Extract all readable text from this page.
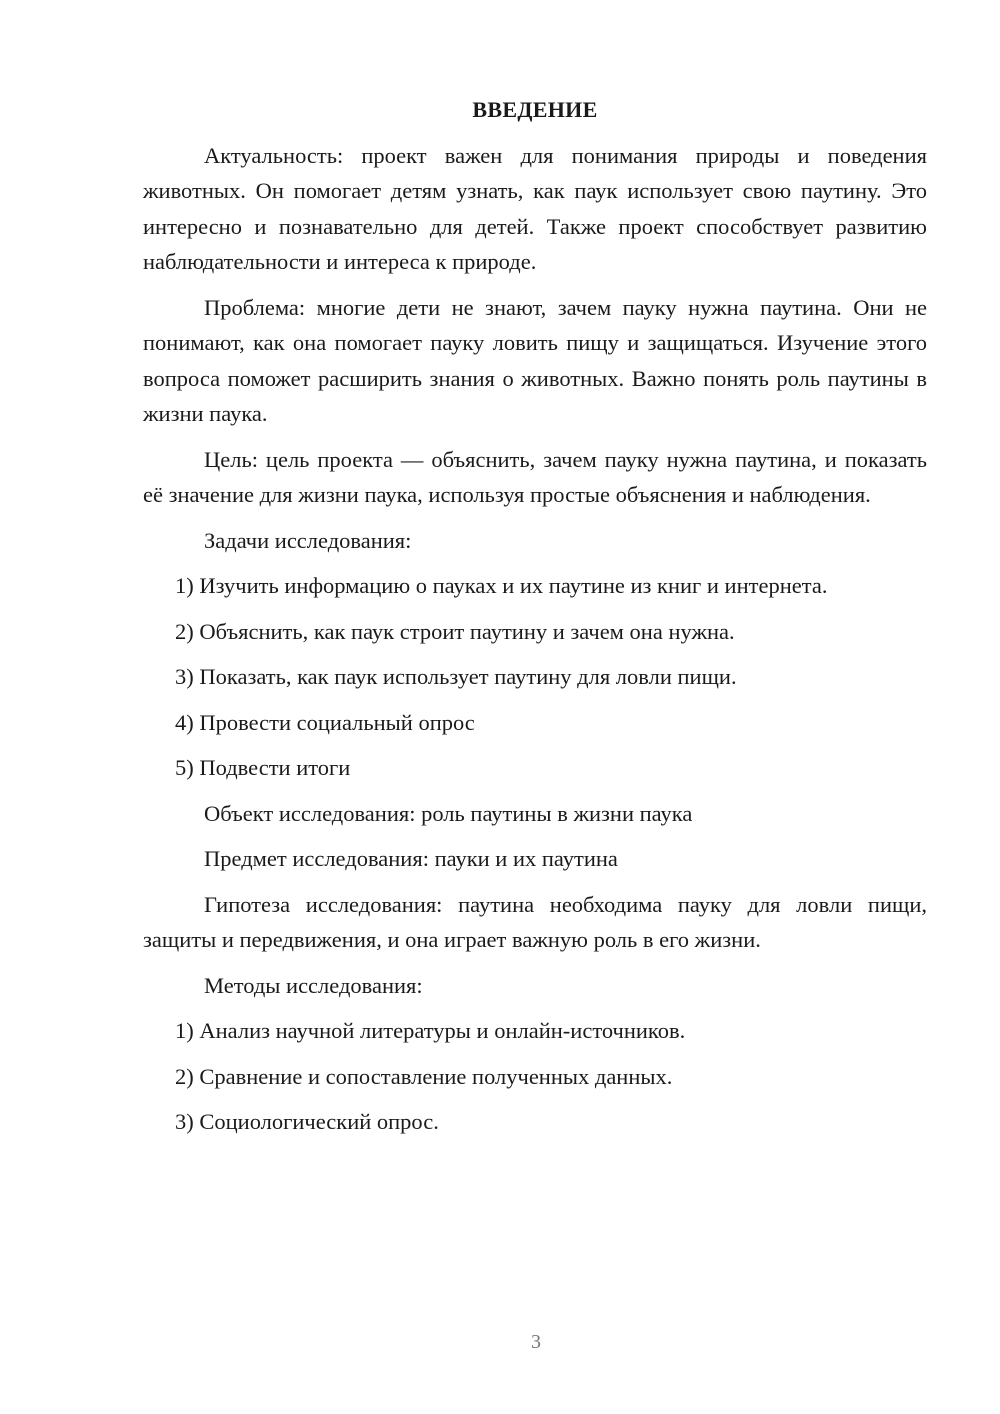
ВВЕДЕНИЕ

Актуальность: проект важен для понимания природы и поведения животных. Он помогает детям узнать, как паук использует свою паутину. Это интересно и познавательно для детей. Также проект способствует развитию наблюдательности и интереса к природе.

Проблема: многие дети не знают, зачем пауку нужна паутина. Они не понимают, как она помогает пауку ловить пищу и защищаться. Изучение этого вопроса поможет расширить знания о животных. Важно понять роль паутины в жизни паука.

Цель: цель проекта — объяснить, зачем пауку нужна паутина, и показать её значение для жизни паука, используя простые объяснения и наблюдения.

Задачи исследования:

1) Изучить информацию о пауках и их паутине из книг и интернета.

2) Объяснить, как паук строит паутину и зачем она нужна.

3) Показать, как паук использует паутину для ловли пищи.

4) Провести социальный опрос

5) Подвести итоги

Объект исследования: роль паутины в жизни паука

Предмет исследования: пауки и их паутина

Гипотеза исследования: паутина необходима пауку для ловли пищи, защиты и передвижения, и она играет важную роль в его жизни.

Методы исследования:

1) Анализ научной литературы и онлайн-источников.

2) Сравнение и сопоставление полученных данных.

3) Социологический опрос.

3
